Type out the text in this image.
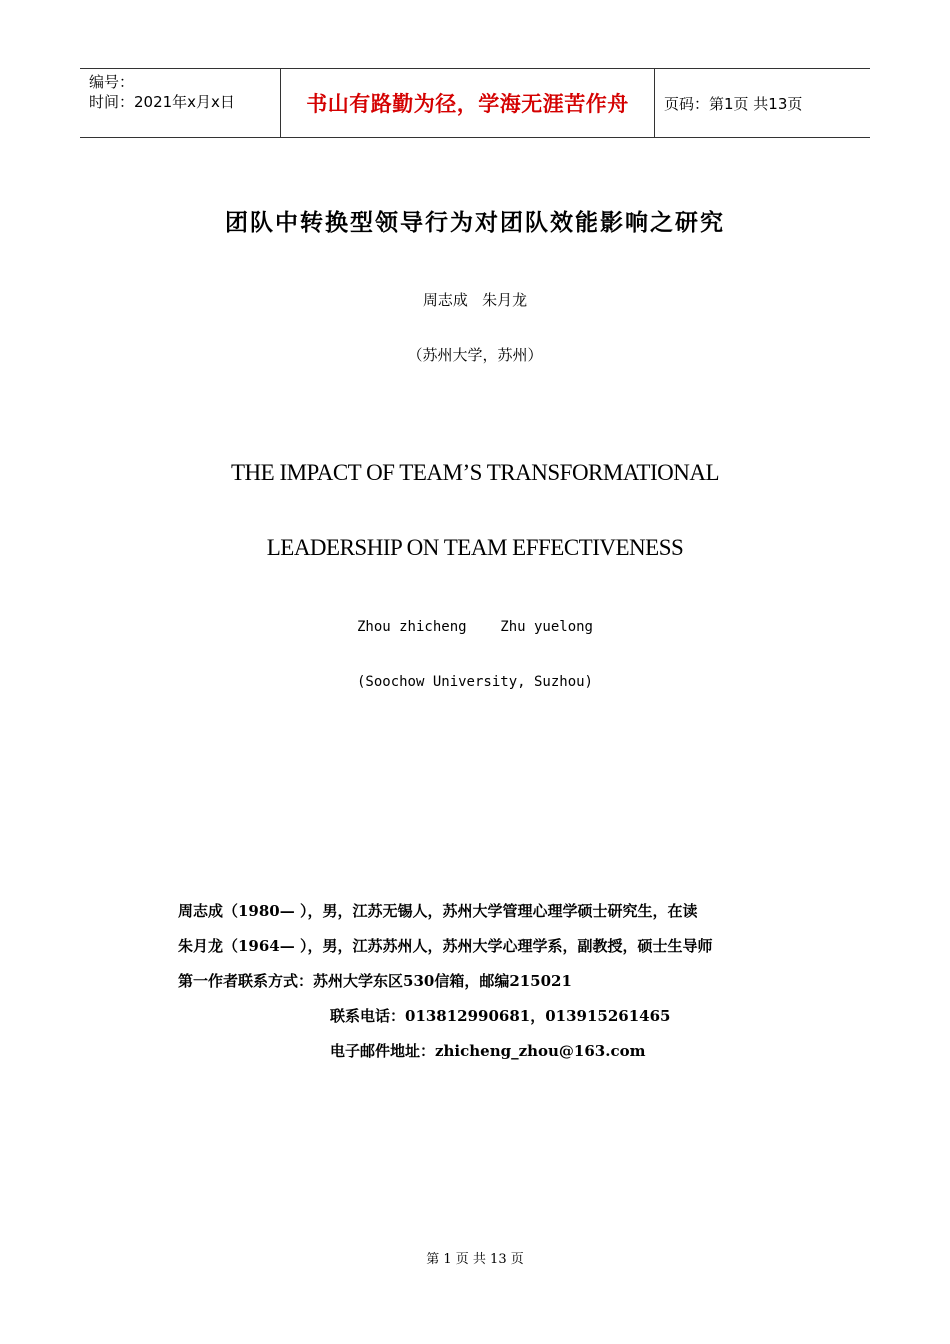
编号：
时间：2021年x月x日	书山有路勤为径，学海无涯苦作舟 页码：第1页 共13页
团队中转换型领导行为对团队效能影响之研究
周志成   朱月龙
（苏州大学，苏州）
THE IMPACT OF TEAM’S TRANSFORMATIONAL
LEADERSHIP ON TEAM EFFECTIVENESS
Zhou zhicheng    Zhu yuelong
(Soochow University, Suzhou)
周志成（1980— ），男，江苏无锡人，苏州大学管理心理学硕士研究生，在读
朱月龙（1964— ），男，江苏苏州人，苏州大学心理学系，副教授，硕士生导师
第一作者联系方式：苏州大学东区530信箱，邮编215021
联系电话：013812990681，013915261465
电子邮件地址：zhicheng_zhou@163.com
第 1 页 共 13 页
